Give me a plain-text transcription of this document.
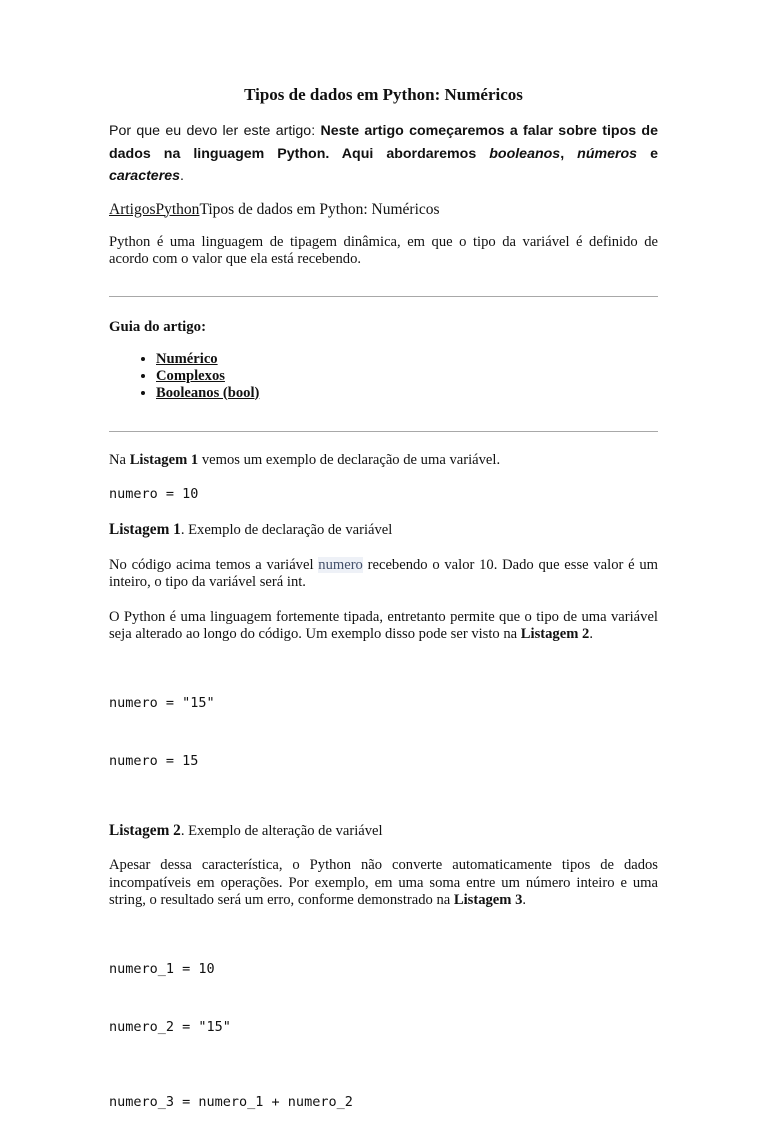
Tipos de dados em Python: Numéricos
Por que eu devo ler este artigo: Neste artigo começaremos a falar sobre tipos de dados na linguagem Python. Aqui abordaremos booleanos, números e caracteres.
ArtigosPythonTipos de dados em Python: Numéricos

Python é uma linguagem de tipagem dinâmica, em que o tipo da variável é definido de acordo com o valor que ela está recebendo.

Guia do artigo:
• Numérico
• Complexos
• Booleanos (bool)

Na Listagem 1 vemos um exemplo de declaração de uma variável.

numero = 10

Listagem 1. Exemplo de declaração de variável

No código acima temos a variável numero recebendo o valor 10. Dado que esse valor é um inteiro, o tipo da variável será int.

O Python é uma linguagem fortemente tipada, entretanto permite que o tipo de uma variável seja alterado ao longo do código. Um exemplo disso pode ser visto na Listagem 2.

numero = "15"

numero = 15

Listagem 2. Exemplo de alteração de variável

Apesar dessa característica, o Python não converte automaticamente tipos de dados incompatíveis em operações. Por exemplo, em uma soma entre um número inteiro e uma string, o resultado será um erro, conforme demonstrado na Listagem 3.

numero_1 = 10

numero_2 = "15"

numero_3 = numero_1 + numero_2
